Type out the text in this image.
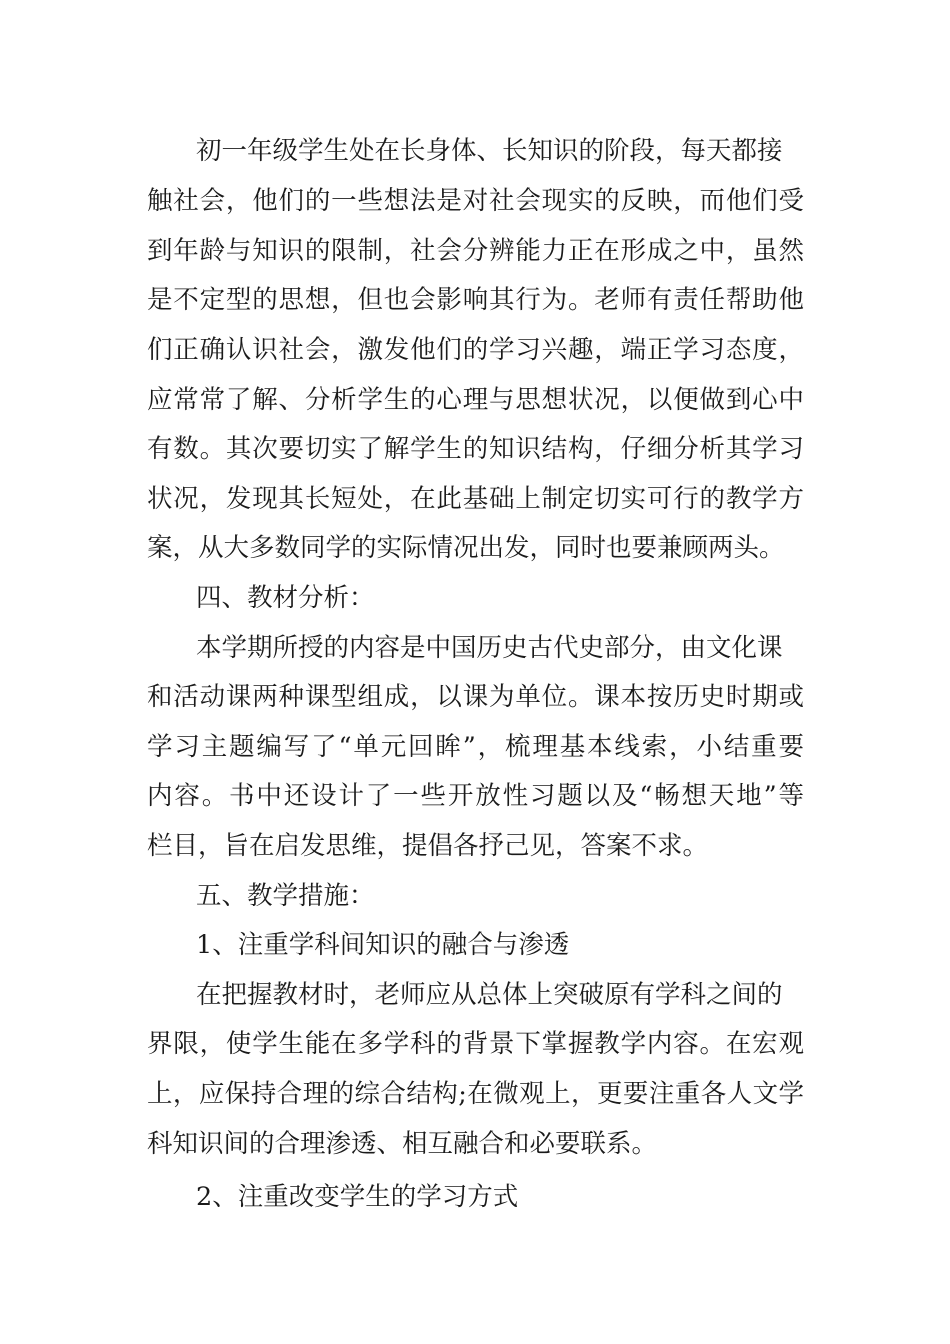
初一年级学生处在长身体、长知识的阶段，每天都接
触社会，他们的一些想法是对社会现实的反映，而他们受
到年龄与知识的限制，社会分辨能力正在形成之中，虽然
是不定型的思想，但也会影响其行为。老师有责任帮助他
们正确认识社会，激发他们的学习兴趣，端正学习态度，
应常常了解、分析学生的心理与思想状况，以便做到心中
有数。其次要切实了解学生的知识结构，仔细分析其学习
状况，发现其长短处，在此基础上制定切实可行的教学方
案，从大多数同学的实际情况出发，同时也要兼顾两头。
四、教材分析：
本学期所授的内容是中国历史古代史部分，由文化课
和活动课两种课型组成，以课为单位。课本按历史时期或
学习主题编写了“单元回眸”，梳理基本线索，小结重要
内容。书中还设计了一些开放性习题以及“畅想天地”等
栏目，旨在启发思维，提倡各抒己见，答案不求。
五、教学措施：
1、注重学科间知识的融合与渗透
在把握教材时，老师应从总体上突破原有学科之间的
界限，使学生能在多学科的背景下掌握教学内容。在宏观
上，应保持合理的综合结构;在微观上，更要注重各人文学
科知识间的合理渗透、相互融合和必要联系。
2、注重改变学生的学习方式
